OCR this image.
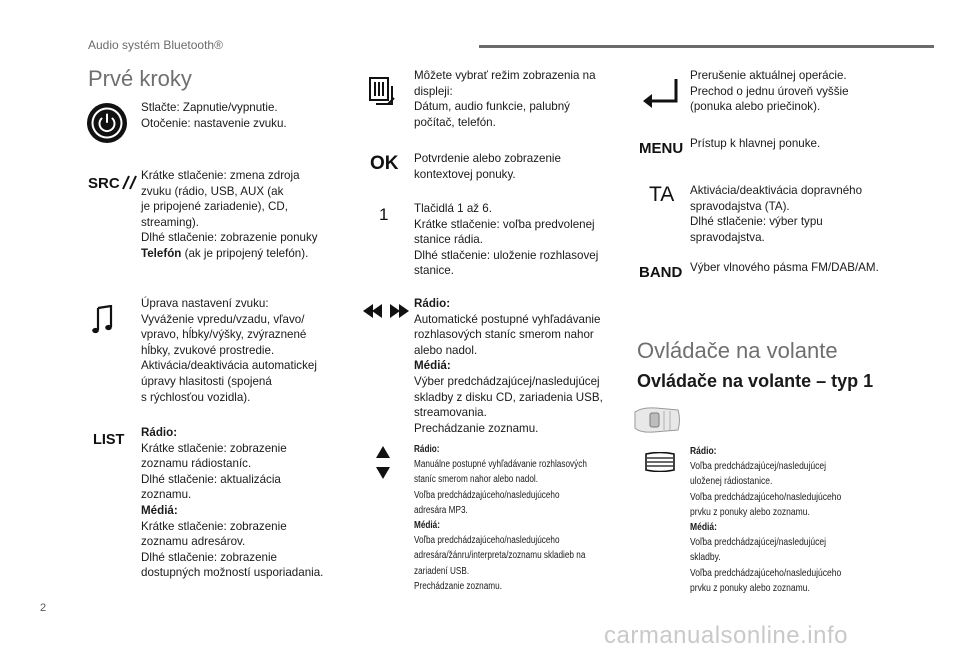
Audio systém Bluetooth®
Prvé kroky
Stlačte: Zapnutie/vypnutie.
Otočenie: nastavenie zvuku.
SRC	Krátke stlačenie: zmena zdroja
zvuku (rádio, USB, AUX (ak
je pripojené zariadenie), CD,
streaming).
Dlhé stlačenie: zobrazenie ponuky
Telefón (ak je pripojený telefón).
Úprava nastavení zvuku:
Vyváženie vpredu/vzadu, vľavo/
vpravo, hĺbky/výšky, zvýraznené
hĺbky, zvukové prostredie.
Aktivácia/deaktivácia automatickej
úpravy hlasitosti (spojená
s rýchlosťou vozidla).
LIST Rádio:
Krátke stlačenie: zobrazenie
zoznamu rádiostaníc.
Dlhé stlačenie: aktualizácia
zoznamu.
Médiá:
Krátke stlačenie: zobrazenie
zoznamu adresárov.
Dlhé stlačenie: zobrazenie
dostupných možností usporiadania.
Môžete vybrať režim zobrazenia na
displeji:
Dátum, audio funkcie, palubný
počítač, telefón.
OK Potvrdenie alebo zobrazenie
kontextovej ponuky.
1 Tlačidlá 1 až 6.
Krátke stlačenie: voľba predvolenej
stanice rádia.
Dlhé stlačenie: uloženie rozhlasovej
stanice.
Rádio:
Automatické postupné vyhľadávanie
rozhlasových staníc smerom nahor
alebo nadol.
Médiá:
Výber predchádzajúcej/nasledujúcej
skladby z disku CD, zariadenia USB,
streamovania.
Prechádzanie zoznamu.
Rádio:
Manuálne postupné vyhľadávanie rozhlasových
staníc smerom nahor alebo nadol.
Voľba predchádzajúceho/nasledujúceho
adresára MP3.
Médiá:
Voľba predchádzajúceho/nasledujúceho
adresára/žánru/interpreta/zoznamu skladieb na
zariadení USB.
Prechádzanie zoznamu.
Prerušenie aktuálnej operácie.
Prechod o jednu úroveň vyššie
(ponuka alebo priečinok).
MENU Prístup k hlavnej ponuke.
TA Aktivácia/deaktivácia dopravného
spravodajstva (TA).
Dlhé stlačenie: výber typu
spravodajstva.
BAND Výber vlnového pásma FM/DAB/AM.
Ovládače na volante
Ovládače na volante – typ 1
Rádio:
Voľba predchádzajúcej/nasledujúcej
uloženej rádiostanice.
Voľba predchádzajúceho/nasledujúceho
prvku z ponuky alebo zoznamu.
Médiá:
Voľba predchádzajúcej/nasledujúcej
skladby.
Voľba predchádzajúceho/nasledujúceho
prvku z ponuky alebo zoznamu.
2
carmanualsonline.info
